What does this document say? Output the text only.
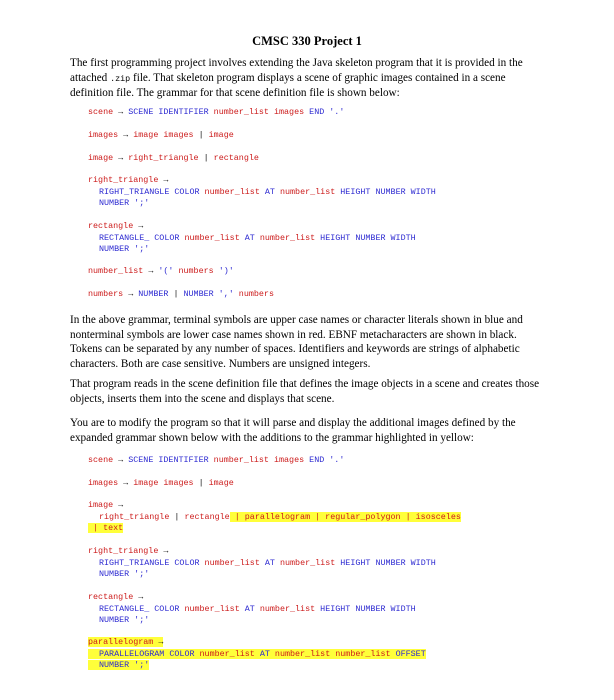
CMSC 330 Project 1
The first programming project involves extending the Java skeleton program that it is provided in the attached .zip file. That skeleton program displays a scene of graphic images contained in a scene definition file. The grammar for that scene definition file is shown below:
scene → SCENE IDENTIFIER number_list images END '.'
images → image images | image
image → right_triangle | rectangle
right_triangle →
RIGHT_TRIANGLE COLOR number_list AT number_list HEIGHT NUMBER WIDTH
NUMBER ';'
rectangle →
RECTANGLE_ COLOR number_list AT number_list HEIGHT NUMBER WIDTH
NUMBER ';'
number_list → '(' numbers ')'
numbers → NUMBER | NUMBER ',' numbers
In the above grammar, terminal symbols are upper case names or character literals shown in blue and nonterminal symbols are lower case names shown in red. EBNF metacharacters are shown in black. Tokens can be separated by any number of spaces. Identifiers and keywords are strings of alphabetic characters. Both are case sensitive. Numbers are unsigned integers.
That program reads in the scene definition file that defines the image objects in a scene and creates those objects, inserts them into the scene and displays that scene.
You are to modify the program so that it will parse and display the additional images defined by the expanded grammar shown below with the additions to the grammar highlighted in yellow:
scene → SCENE IDENTIFIER number_list images END '.'
images → image images | image
image →
right_triangle | rectangle | parallelogram | regular_polygon | isosceles
| text
right_triangle →
RIGHT_TRIANGLE COLOR number_list AT number_list HEIGHT NUMBER WIDTH
NUMBER ';'
rectangle →
RECTANGLE_ COLOR number_list AT number_list HEIGHT NUMBER WIDTH
NUMBER ';'
parallelogram →
PARALLELOGRAM COLOR number_list AT number_list number_list OFFSET
NUMBER ';'
